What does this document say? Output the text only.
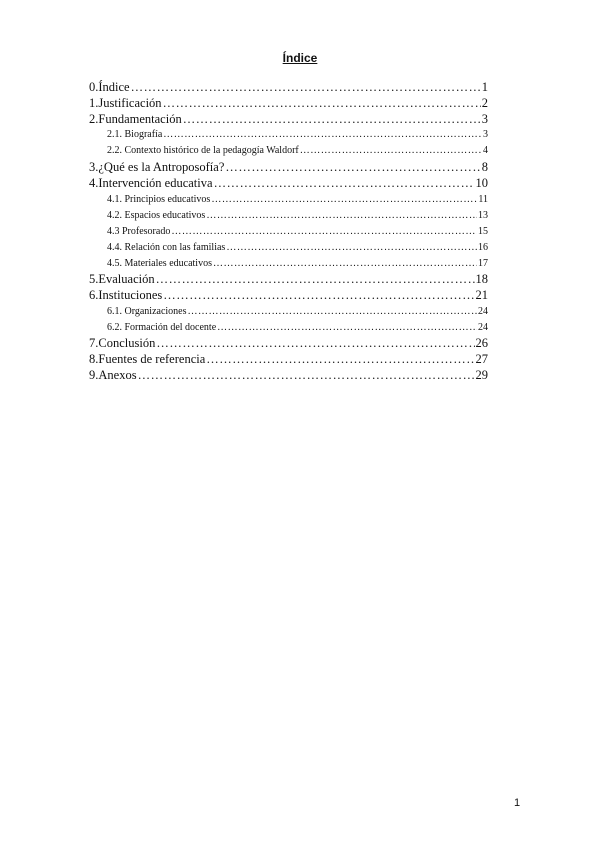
Índice
0. Índice ……………………………………………………………………………………………………………………………………………………………………………	1
1. Justificación ……………………………………………………………………………………………………………………………………………………………………………	2
2. Fundamentación ……………………………………………………………………………………………………………………………………………………………………………	3
2.1. Biografía ……………………………………………………………………………………………………………………………………………………………………………	3
2.2. Contexto histórico de la pedagogía Waldorf ……………………………………………………………………………………………………………………………………………………………………………	4
3. ¿Qué es la Antroposofía? ……………………………………………………………………………………………………………………………………………………………………………	8
4. Intervención educativa ……………………………………………………………………………………………………………………………………………………………………………	10
4.1. Principios educativos ……………………………………………………………………………………………………………………………………………………………………………	11
4.2. Espacios educativos ……………………………………………………………………………………………………………………………………………………………………………	13
4.3 Profesorado ……………………………………………………………………………………………………………………………………………………………………………	15
4.4. Relación con las familias ……………………………………………………………………………………………………………………………………………………………………………	16
4.5. Materiales educativos ……………………………………………………………………………………………………………………………………………………………………………	17
5. Evaluación ……………………………………………………………………………………………………………………………………………………………………………	18
6. Instituciones ……………………………………………………………………………………………………………………………………………………………………………	21
6.1. Organizaciones ……………………………………………………………………………………………………………………………………………………………………………	24
6.2. Formación del docente ……………………………………………………………………………………………………………………………………………………………………………	24
7. Conclusión ……………………………………………………………………………………………………………………………………………………………………………	26
8. Fuentes de referencia ……………………………………………………………………………………………………………………………………………………………………………	27
9. Anexos ……………………………………………………………………………………………………………………………………………………………………………	29
1
